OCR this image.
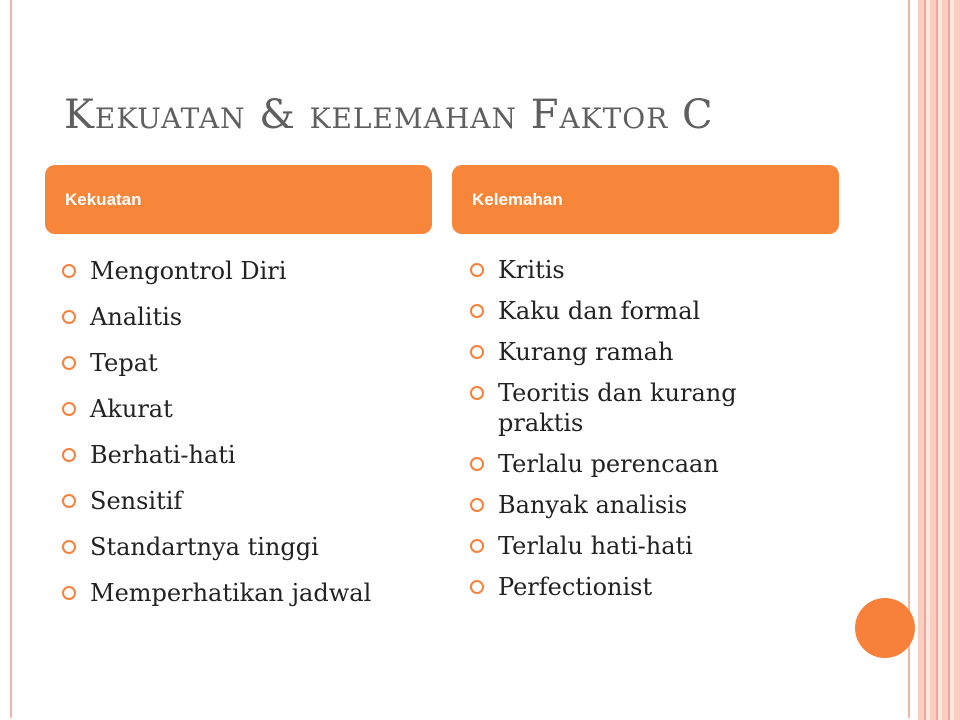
Kekuatan & kelemahan Faktor C
Kekuatan	Kelemahan
Mengontrol Diri
Analitis
Tepat
Akurat
Berhati-hati
Sensitif
Standartnya tinggi
Memperhatikan jadwal
Kritis
Kaku dan formal
Kurang ramah
Teoritis dan kurang praktis
Terlalu perencaan
Banyak analisis
Terlalu hati-hati
Perfectionist
